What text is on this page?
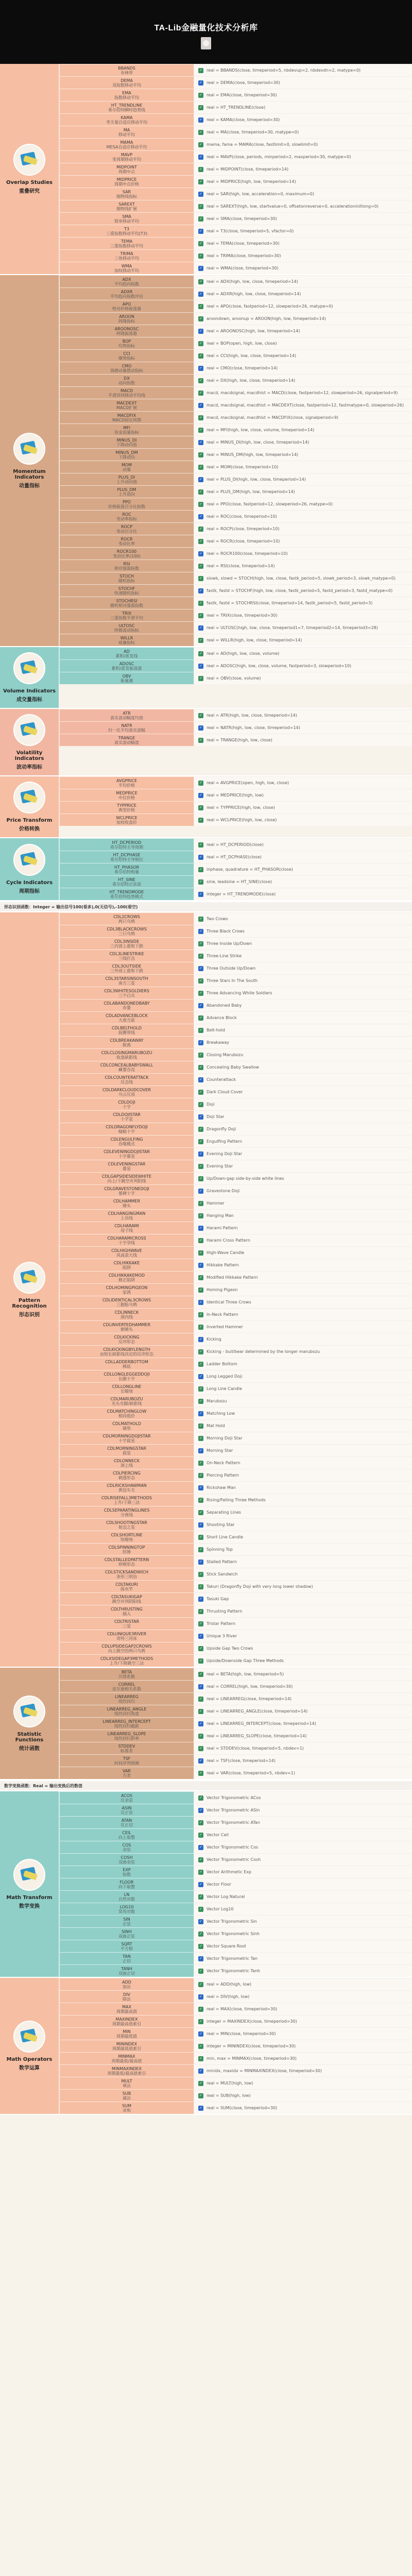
TA-Lib金融量化技术分析库
Overlap Studies
重叠研究
BBANDS
布林带
DEMA
双指数移动平均
EMA
指数移动平均
HT_TRENDLINE
希尔伯特瞬时趋势线
KAMA
考夫曼自适应移动平均
MA
移动平均
MAMA
MESA自适应移动平均
MAVP
变周期移动平均
MIDPOINT
周期中点
MIDPRICE
周期中点价格
SAR
抛物线指标
SAREXT
抛物线扩展
SMA
简单移动平均
T3
三重指数移动平均(T3)
TEMA
三重指数移动平均
TRIMA
三角移动平均
WMA
加权移动平均
✓
real = BBANDS(close, timeperiod=5, nbdevup=2, nbdevdn=2, matype=0)
✓
real = DEMA(close, timeperiod=30)
✓
real = EMA(close, timeperiod=30)
✓
real = HT_TRENDLINE(close)
✓
real = KAMA(close, timeperiod=30)
✓
real = MA(close, timeperiod=30, matype=0)
✓
mama, fama = MAMA(close, fastlimit=0, slowlimit=0)
✓
real = MAVP(close, periods, minperiod=2, maxperiod=30, matype=0)
✓
real = MIDPOINT(close, timeperiod=14)
✓
real = MIDPRICE(high, low, timeperiod=14)
✓
real = SAR(high, low, acceleration=0, maximum=0)
✓
real = SAREXT(high, low, startvalue=0, offsetonreverse=0, accelerationinitlong=0)
✓
real = SMA(close, timeperiod=30)
✓
real = T3(close, timeperiod=5, vfactor=0)
✓
real = TEMA(close, timeperiod=30)
✓
real = TRIMA(close, timeperiod=30)
✓
real = WMA(close, timeperiod=30)
Momentum Indicators
动量指标
ADX
平均趋向指数
ADXR
平均趋向指数评估
APO
绝对价格振荡器
AROON
阿隆指标
AROONOSC
阿隆振荡器
BOP
均势指标
CCI
顺势指标
CMO
钱德动量摆动指标
DX
动向指数
MACD
平滑异同移动平均线
MACDEXT
MACD扩展
MACDFIX
MACD固定周期
MFI
资金流量指标
MINUS_DI
下降动向值
MINUS_DM
下降动向
MOM
动量
PLUS_DI
上升动向值
PLUS_DM
上升动向
PPO
价格振荡百分比指数
ROC
变动率指标
ROCP
变动百分比
ROCR
变动比率
ROCR100
变动比率(100)
RSI
相对强弱指数
STOCH
随机指标
STOCHF
快速随机指标
STOCHRSI
随机相对强弱指数
TRIX
三重指数平滑平均
ULTOSC
终极波动指标
WILLR
威廉指标
✓
real = ADX(high, low, close, timeperiod=14)
✓
real = ADXR(high, low, close, timeperiod=14)
✓
real = APO(close, fastperiod=12, slowperiod=26, matype=0)
✓
aroondown, aroonup = AROON(high, low, timeperiod=14)
✓
real = AROONOSC(high, low, timeperiod=14)
✓
real = BOP(open, high, low, close)
✓
real = CCI(high, low, close, timeperiod=14)
✓
real = CMO(close, timeperiod=14)
✓
real = DX(high, low, close, timeperiod=14)
✓
macd, macdsignal, macdhist = MACD(close, fastperiod=12, slowperiod=26, signalperiod=9)
✓
macd, macdsignal, macdhist = MACDEXT(close, fastperiod=12, fastmatype=0, slowperiod=26)
✓
macd, macdsignal, macdhist = MACDFIX(close, signalperiod=9)
✓
real = MFI(high, low, close, volume, timeperiod=14)
✓
real = MINUS_DI(high, low, close, timeperiod=14)
✓
real = MINUS_DM(high, low, timeperiod=14)
✓
real = MOM(close, timeperiod=10)
✓
real = PLUS_DI(high, low, close, timeperiod=14)
✓
real = PLUS_DM(high, low, timeperiod=14)
✓
real = PPO(close, fastperiod=12, slowperiod=26, matype=0)
✓
real = ROC(close, timeperiod=10)
✓
real = ROCP(close, timeperiod=10)
✓
real = ROCR(close, timeperiod=10)
✓
real = ROCR100(close, timeperiod=10)
✓
real = RSI(close, timeperiod=14)
✓
slowk, slowd = STOCH(high, low, close, fastk_period=5, slowk_period=3, slowk_matype=0)
✓
fastk, fastd = STOCHF(high, low, close, fastk_period=5, fastd_period=3, fastd_matype=0)
✓
fastk, fastd = STOCHRSI(close, timeperiod=14, fastk_period=5, fastd_period=3)
✓
real = TRIX(close, timeperiod=30)
✓
real = ULTOSC(high, low, close, timeperiod1=7, timeperiod2=14, timeperiod3=28)
✓
real = WILLR(high, low, close, timeperiod=14)
Volume Indicators
成交量指标
AD
累积/派发线
ADOSC
累积/派发振荡器
OBV
能量潮
✓
real = AD(high, low, close, volume)
✓
real = ADOSC(high, low, close, volume, fastperiod=3, slowperiod=10)
✓
real = OBV(close, volume)
Volatility Indicators
波动率指标
ATR
真实波动幅度均值
NATR
归一化平均真实波幅
TRANGE
真实波动幅度
✓
real = ATR(high, low, close, timeperiod=14)
✓
real = NATR(high, low, close, timeperiod=14)
✓
real = TRANGE(high, low, close)
Price Transform
价格转换
AVGPRICE
平均价格
MEDPRICE
中位价格
TYPPRICE
典型价格
WCLPRICE
加权收盘价
✓
real = AVGPRICE(open, high, low, close)
✓
real = MEDPRICE(high, low)
✓
real = TYPPRICE(high, low, close)
✓
real = WCLPRICE(high, low, close)
Cycle Indicators
周期指标
HT_DCPERIOD
希尔伯特主导周期
HT_DCPHASE
希尔伯特主导相位
HT_PHASOR
希尔伯特相量
HT_SINE
希尔伯特正弦波
HT_TRENDMODE
希尔伯特趋势模式
✓
real = HT_DCPERIOD(close)
✓
real = HT_DCPHASE(close)
✓
inphase, quadrature = HT_PHASOR(close)
✓
sine, leadsine = HT_SINE(close)
✓
integer = HT_TRENDMODE(close)
形态识别函数：Integer = 输出信号100(看多),0(无信号),-100(看空)
Pattern Recognition
形态识别
CDL2CROWS
两只乌鸦
CDL3BLACKCROWS
三只乌鸦
CDL3INSIDE
三内部上涨和下跌
CDL3LINESTRIKE
三线打击
CDL3OUTSIDE
三外部上涨和下跌
CDL3STARSINSOUTH
南方三星
CDL3WHITESOLDIERS
三个白兵
CDLABANDONEDBABY
弃婴
CDLADVANCEBLOCK
大敌当前
CDLBELTHOLD
捉腰带线
CDLBREAKAWAY
脱离
CDLCLOSINGMARUBOZU
收盘缺影线
CDLCONCEALBABYSWALL
藏婴吞没
CDLCOUNTERATTACK
反击线
CDLDARKCLOUDCOVER
乌云压顶
CDLDOJI
十字
CDLDOJISTAR
十字星
CDLDRAGONFLYDOJI
蜻蜓十字
CDLENGULFING
吞噬模式
CDLEVENINGDOJISTAR
十字暮星
CDLEVENINGSTAR
暮星
CDLGAPSIDESIDEWHITE
向上/下跳空并列阳线
CDLGRAVESTONEDOJI
墓碑十字
CDLHAMMER
锤头
CDLHANGINGMAN
上吊线
CDLHARAMI
母子线
CDLHARAMICROSS
十字孕线
CDLHIGHWAVE
风高浪大线
CDLHIKKAKE
陷阱
CDLHIKKAKEMOD
修正陷阱
CDLHOMINGPIGEON
家鸽
CDLIDENTICAL3CROWS
三胞胎乌鸦
CDLINNECK
颈内线
CDLINVERTEDHAMMER
倒锤头
CDLKICKING
反冲形态
CDLKICKINGBYLENGTH
由较长缺影线决定的反冲形态
CDLLADDERBOTTOM
梯底
CDLLONGLEGGEDDOJI
长脚十字
CDLLONGLINE
长蜡烛
CDLMARUBOZU
光头光脚/缺影线
CDLMATCHINGLOW
相同低价
CDLMATHOLD
铺垫
CDLMORNINGDOJISTAR
十字晨星
CDLMORNINGSTAR
晨星
CDLONNECK
颈上线
CDLPIERCING
刺透形态
CDLRICKSHAWMAN
黄包车夫
CDLRISEFALL3METHODS
上升/下降三法
CDLSEPARATINGLINES
分离线
CDLSHOOTINGSTAR
射击之星
CDLSHORTLINE
短蜡烛
CDLSPINNINGTOP
纺锤
CDLSTALLEDPATTERN
停顿形态
CDLSTICKSANDWICH
条形三明治
CDLTAKURI
探水竿
CDLTASUKIGAP
跳空并列阴阳线
CDLTHRUSTING
插入
CDLTRISTAR
三星
CDLUNIQUE3RIVER
奇特三河床
CDLUPSIDEGAP2CROWS
向上跳空的两只乌鸦
CDLXSIDEGAP3METHODS
上升/下降跳空三法
✓
Two Crows
✓
Three Black Crows
✓
Three Inside Up/Down
✓
Three-Line Strike
✓
Three Outside Up/Down
✓
Three Stars In The South
✓
Three Advancing White Soldiers
✓
Abandoned Baby
✓
Advance Block
✓
Belt-hold
✓
Breakaway
✓
Closing Marubozu
✓
Concealing Baby Swallow
✓
Counterattack
✓
Dark Cloud Cover
✓
Doji
✓
Doji Star
✓
Dragonfly Doji
✓
Engulfing Pattern
✓
Evening Doji Star
✓
Evening Star
✓
Up/Down-gap side-by-side white lines
✓
Gravestone Doji
✓
Hammer
✓
Hanging Man
✓
Harami Pattern
✓
Harami Cross Pattern
✓
High-Wave Candle
✓
Hikkake Pattern
✓
Modified Hikkake Pattern
✓
Homing Pigeon
✓
Identical Three Crows
✓
In-Neck Pattern
✓
Inverted Hammer
✓
Kicking
✓
Kicking - bull/bear determined by the longer marubozu
✓
Ladder Bottom
✓
Long Legged Doji
✓
Long Line Candle
✓
Marubozu
✓
Matching Low
✓
Mat Hold
✓
Morning Doji Star
✓
Morning Star
✓
On-Neck Pattern
✓
Piercing Pattern
✓
Rickshaw Man
✓
Rising/Falling Three Methods
✓
Separating Lines
✓
Shooting Star
✓
Short Line Candle
✓
Spinning Top
✓
Stalled Pattern
✓
Stick Sandwich
✓
Takuri (Dragonfly Doji with very long lower shadow)
✓
Tasuki Gap
✓
Thrusting Pattern
✓
Tristar Pattern
✓
Unique 3 River
✓
Upside Gap Two Crows
✓
Upside/Downside Gap Three Methods
Statistic Functions
统计函数
BETA
贝塔系数
CORREL
皮尔逊相关系数
LINEARREG
线性回归
LINEARREG_ANGLE
线性回归角度
LINEARREG_INTERCEPT
线性回归截距
LINEARREG_SLOPE
线性回归斜率
STDDEV
标准差
TSF
时间序列预测
VAR
方差
✓
real = BETA(high, low, timeperiod=5)
✓
real = CORREL(high, low, timeperiod=30)
✓
real = LINEARREG(close, timeperiod=14)
✓
real = LINEARREG_ANGLE(close, timeperiod=14)
✓
real = LINEARREG_INTERCEPT(close, timeperiod=14)
✓
real = LINEARREG_SLOPE(close, timeperiod=14)
✓
real = STDDEV(close, timeperiod=5, nbdev=1)
✓
real = TSF(close, timeperiod=14)
✓
real = VAR(close, timeperiod=5, nbdev=1)
数学变换函数：Real = 输出变换后的数值
Math Transform
数学变换
ACOS
反余弦
ASIN
反正弦
ATAN
反正切
CEIL
向上取整
COS
余弦
COSH
双曲余弦
EXP
指数
FLOOR
向下取整
LN
自然对数
LOG10
常用对数
SIN
正弦
SINH
双曲正弦
SQRT
平方根
TAN
正切
TANH
双曲正切
✓
Vector Trigonometric ACos
✓
Vector Trigonometric ASin
✓
Vector Trigonometric ATan
✓
Vector Ceil
✓
Vector Trigonometric Cos
✓
Vector Trigonometric Cosh
✓
Vector Arithmetic Exp
✓
Vector Floor
✓
Vector Log Natural
✓
Vector Log10
✓
Vector Trigonometric Sin
✓
Vector Trigonometric Sinh
✓
Vector Square Root
✓
Vector Trigonometric Tan
✓
Vector Trigonometric Tanh
Math Operators
数学运算
ADD
加法
DIV
除法
MAX
周期最高值
MAXINDEX
周期最高值索引
MIN
周期最低值
MININDEX
周期最低值索引
MINMAX
周期最低/最高值
MINMAXINDEX
周期最低/最高值索引
MULT
乘法
SUB
减法
SUM
求和
✓
real = ADD(high, low)
✓
real = DIV(high, low)
✓
real = MAX(close, timeperiod=30)
✓
integer = MAXINDEX(close, timeperiod=30)
✓
real = MIN(close, timeperiod=30)
✓
integer = MININDEX(close, timeperiod=30)
✓
min, max = MINMAX(close, timeperiod=30)
✓
minidx, maxidx = MINMAXINDEX(close, timeperiod=30)
✓
real = MULT(high, low)
✓
real = SUB(high, low)
✓
real = SUM(close, timeperiod=30)
